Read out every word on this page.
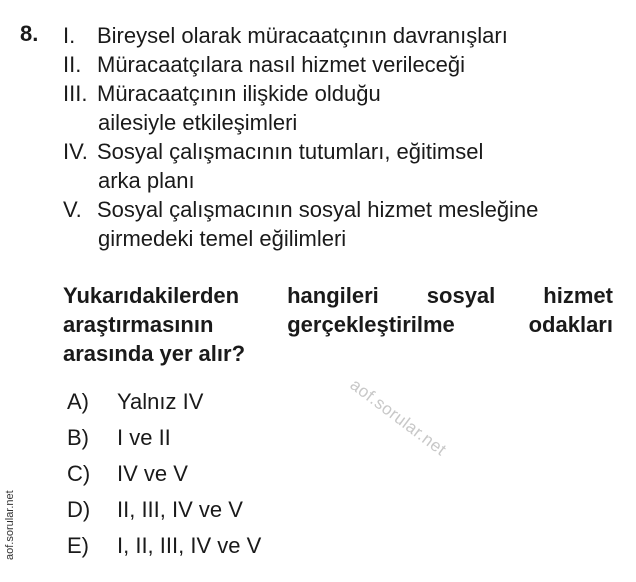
8. I. Bireysel olarak müracaatçının davranışları
II. Müracaatçılara nasıl hizmet verileceği
III. Müracaatçının ilişkide olduğu
ailesiyle etkileşimleri
IV. Sosyal çalışmacının tutumları, eğitimsel
arka planı
V. Sosyal çalışmacının sosyal hizmet mesleğine
girmedeki temel eğilimleri
Yukarıdakilerden hangileri sosyal hizmet
araştırmasının	gerçekleştirilme	odakları
arasında yer alır?
A) Yalnız IV
B) I ve II
C) IV ve V
D) II, III, IV ve V
E) I, II, III, IV ve V
aof.sorular.net
aof.sorular.net
